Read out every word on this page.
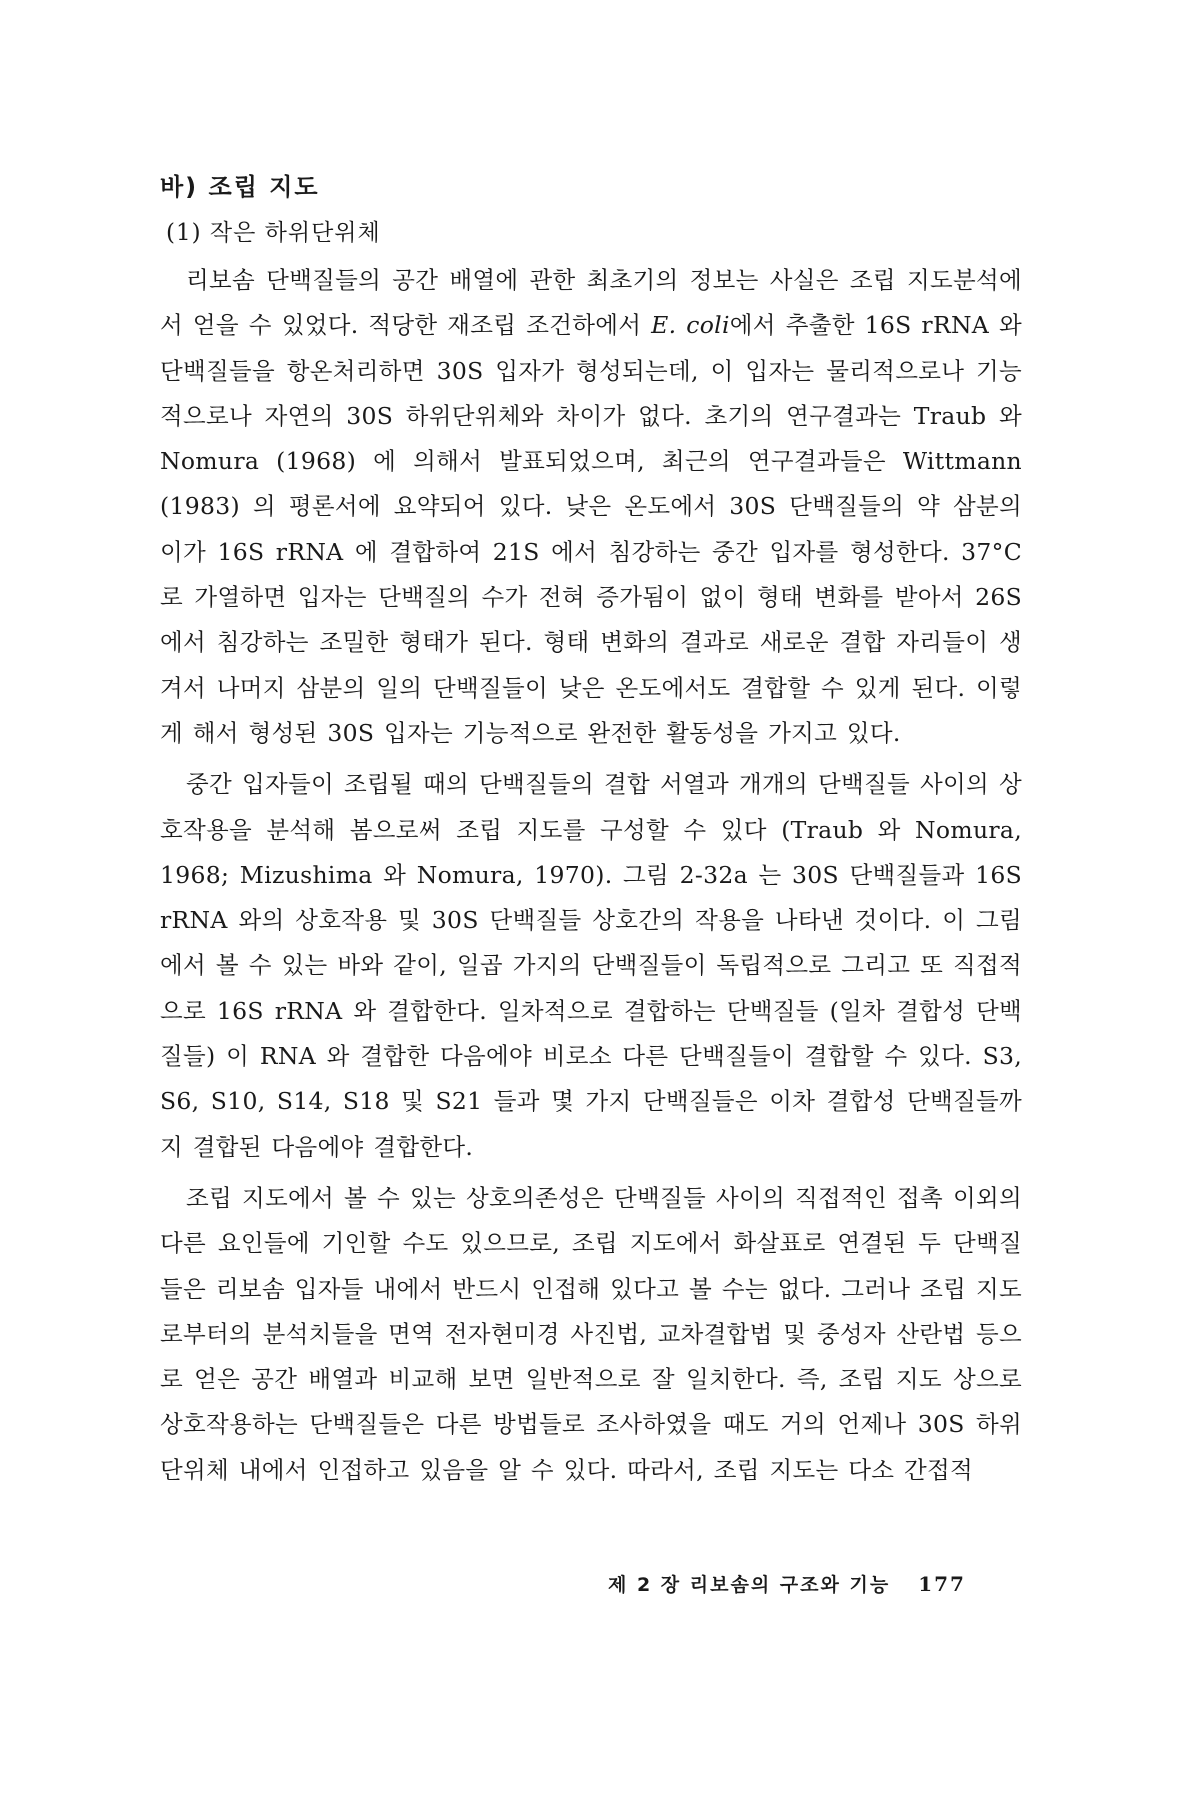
바) 조립 지도
(1) 작은 하위단위체

리보솜 단백질들의 공간 배열에 관한 최초기의 정보는 사실은 조립 지도분석에서 얻을 수 있었다. 적당한 재조립 조건하에서 E. coli에서 추출한 16S rRNA 와 단백질들을 항온처리하면 30S 입자가 형성되는데, 이 입자는 물리적으로나 기능적으로나 자연의 30S 하위단위체와 차이가 없다. 초기의 연구결과는 Traub 와 Nomura (1968) 에 의해서 발표되었으며, 최근의 연구결과들은 Wittmann (1983) 의 평론서에 요약되어 있다. 낮은 온도에서 30S 단백질들의 약 삼분의 이가 16S rRNA 에 결합하여 21S 에서 침강하는 중간 입자를 형성한다. 37°C 로 가열하면 입자는 단백질의 수가 전혀 증가됨이 없이 형태 변화를 받아서 26S 에서 침강하는 조밀한 형태가 된다. 형태 변화의 결과로 새로운 결합 자리들이 생겨서 나머지 삼분의 일의 단백질들이 낮은 온도에서도 결합할 수 있게 된다. 이렇게 해서 형성된 30S 입자는 기능적으로 완전한 활동성을 가지고 있다.

중간 입자들이 조립될 때의 단백질들의 결합 서열과 개개의 단백질들 사이의 상호작용을 분석해 봄으로써 조립 지도를 구성할 수 있다 (Traub 와 Nomura, 1968; Mizushima 와 Nomura, 1970). 그림 2-32a 는 30S 단백질들과 16S rRNA 와의 상호작용 및 30S 단백질들 상호간의 작용을 나타낸 것이다. 이 그림에서 볼 수 있는 바와 같이, 일곱 가지의 단백질들이 독립적으로 그리고 또 직접적으로 16S rRNA 와 결합한다. 일차적으로 결합하는 단백질들 (일차 결합성 단백질들) 이 RNA 와 결합한 다음에야 비로소 다른 단백질들이 결합할 수 있다. S3, S6, S10, S14, S18 및 S21 들과 몇 가지 단백질들은 이차 결합성 단백질들까지 결합된 다음에야 결합한다.

조립 지도에서 볼 수 있는 상호의존성은 단백질들 사이의 직접적인 접촉 이외의 다른 요인들에 기인할 수도 있으므로, 조립 지도에서 화살표로 연결된 두 단백질들은 리보솜 입자들 내에서 반드시 인접해 있다고 볼 수는 없다. 그러나 조립 지도로부터의 분석치들을 면역 전자현미경 사진법, 교차결합법 및 중성자 산란법 등으로 얻은 공간 배열과 비교해 보면 일반적으로 잘 일치한다. 즉, 조립 지도 상으로 상호작용하는 단백질들은 다른 방법들로 조사하였을 때도 거의 언제나 30S 하위단위체 내에서 인접하고 있음을 알 수 있다. 따라서, 조립 지도는 다소 간접적

제 2 장 리보솜의 구조와 기능 177
